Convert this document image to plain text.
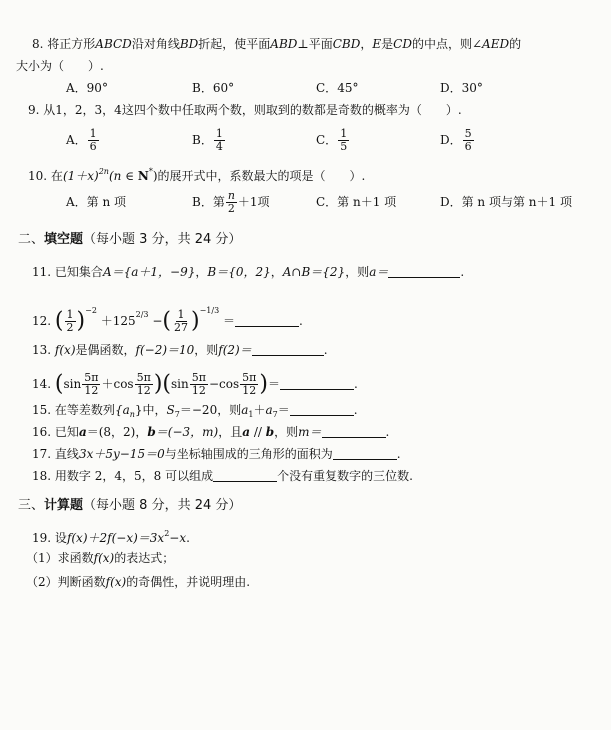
8. 将正方形ABCD沿对角线BD折起，使平面ABD⊥平面CBD，E是CD的中点，则∠AED的
大小为（　　）.
A．90°	B．60°	C．45°	D．30°
9. 从1，2，3，4这四个数中任取两个数，则取到的数都是奇数的概率为（　　）.
A． $\frac{1}{6}$	B． $\frac{1}{4}$	C． $\frac{1}{5}$	D． $\frac{5}{6}$
10. 在$(1+x)^{2n}(n$ ∈ N*)的展开式中，系数最大的项是（　　）.
A．第 n 项	B．第 $\frac{n}{2} +1$项	C．第 n＋1 项	D．第 n 项与第 n＋1 项
二、填空题（每小题 3 分，共 24 分）
11. 已知集合A＝{a＋1，−9}，B＝{0，2}，A∩B＝{2}，则a＝	.
12. ( $\frac{1}{2} )^{-2} +125^{2/3}$ −( $\frac{1}{27} )^{-1/3}$ ＝	.
13. f(x)是偶函数，f(−2)＝10，则f(2)＝	.
14. $(\sin \frac{5\pi}{12} +\cos \frac{5\pi}{12} )(\sin \frac{5\pi}{12} -\cos \frac{5\pi}{12}$ )＝	.
15. 在等差数列$\{a_n\}$中，$S_7=-20$，则$a_1+a_7=$	.
16. 已知a＝(8，2)，b＝(−3，m)，且a // b，则m＝	.
17. 直线3x＋5y−15＝0与坐标轴围成的三角形的面积为	.
18. 用数字 2，4，5，8 可以组成	个没有重复数字的三位数.
三、计算题（每小题 8 分，共 24 分）
19. 设$f(x)+2f(-x)=3x^2-x$.
（1）求函数f(x)的表达式；
（2）判断函数f(x)的奇偶性，并说明理由.
